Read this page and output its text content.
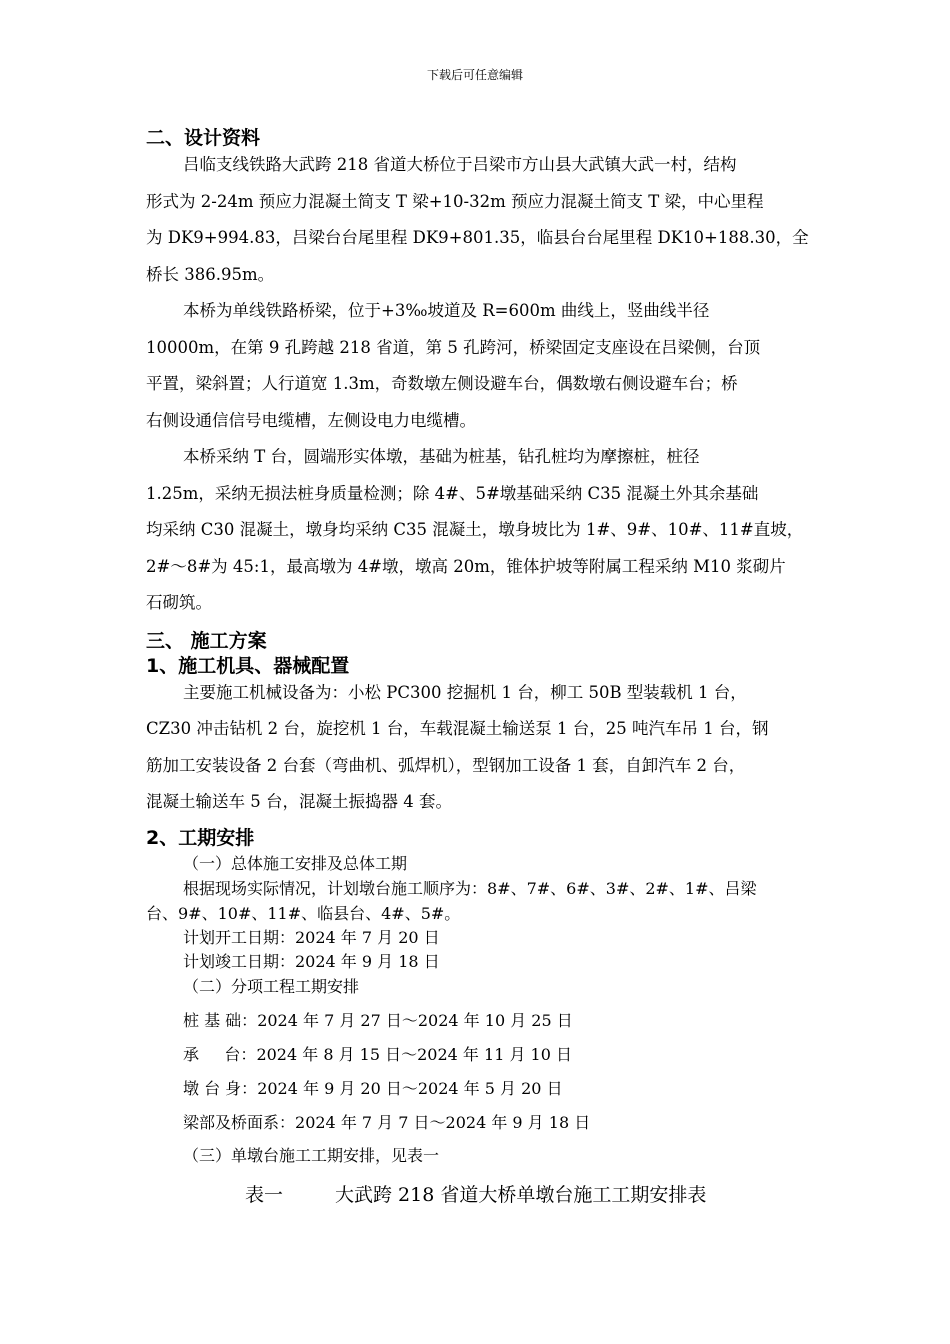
下载后可任意编辑
二、设计资料
吕临支线铁路大武跨 218 省道大桥位于吕梁市方山县大武镇大武一村，结构
形式为 2-24m 预应力混凝土简支 T 梁+10-32m 预应力混凝土简支 T 梁，中心里程
为 DK9+994.83，吕梁台台尾里程 DK9+801.35，临县台台尾里程 DK10+188.30，全
桥长 386.95m。
本桥为单线铁路桥梁，位于+3‰坡道及 R=600m 曲线上，竖曲线半径
10000m，在第 9 孔跨越 218 省道，第 5 孔跨河，桥梁固定支座设在吕梁侧，台顶
平置，梁斜置；人行道宽 1.3m，奇数墩左侧设避车台，偶数墩右侧设避车台；桥
右侧设通信信号电缆槽，左侧设电力电缆槽。
本桥采纳 T 台，圆端形实体墩，基础为桩基，钻孔桩均为摩擦桩，桩径
1.25m，采纳无损法桩身质量检测；除 4#、5#墩基础采纳 C35 混凝土外其余基础
均采纳 C30 混凝土，墩身均采纳 C35 混凝土，墩身坡比为 1#、9#、10#、11#直坡，
2#～8#为 45:1，最高墩为 4#墩，墩高 20m，锥体护坡等附属工程采纳 M10 浆砌片
石砌筑。
三、 施工方案
1、施工机具、器械配置
主要施工机械设备为：小松 PC300 挖掘机 1 台，柳工 50B 型装载机 1 台，
CZ30 冲击钻机 2 台，旋挖机 1 台，车载混凝土输送泵 1 台，25 吨汽车吊 1 台，钢
筋加工安装设备 2 台套（弯曲机、弧焊机），型钢加工设备 1 套，自卸汽车 2 台，
混凝土输送车 5 台，混凝土振捣器 4 套。
2、工期安排
（一）总体施工安排及总体工期
根据现场实际情况，计划墩台施工顺序为：8#、7#、6#、3#、2#、1#、吕梁
台、9#、10#、11#、临县台、4#、5#。
计划开工日期：2024 年 7 月 20 日
计划竣工日期：2024 年 9 月 18 日
（二）分项工程工期安排
桩 基 础：2024 年 7 月 27 日～2024 年 10 月 25 日
承     台：2024 年 8 月 15 日～2024 年 11 月 10 日
墩 台 身：2024 年 9 月 20 日～2024 年 5 月 20 日
梁部及桥面系：2024 年 7 月 7 日～2024 年 9 月 18 日
（三）单墩台施工工期安排，见表一
表一	大武跨 218 省道大桥单墩台施工工期安排表
